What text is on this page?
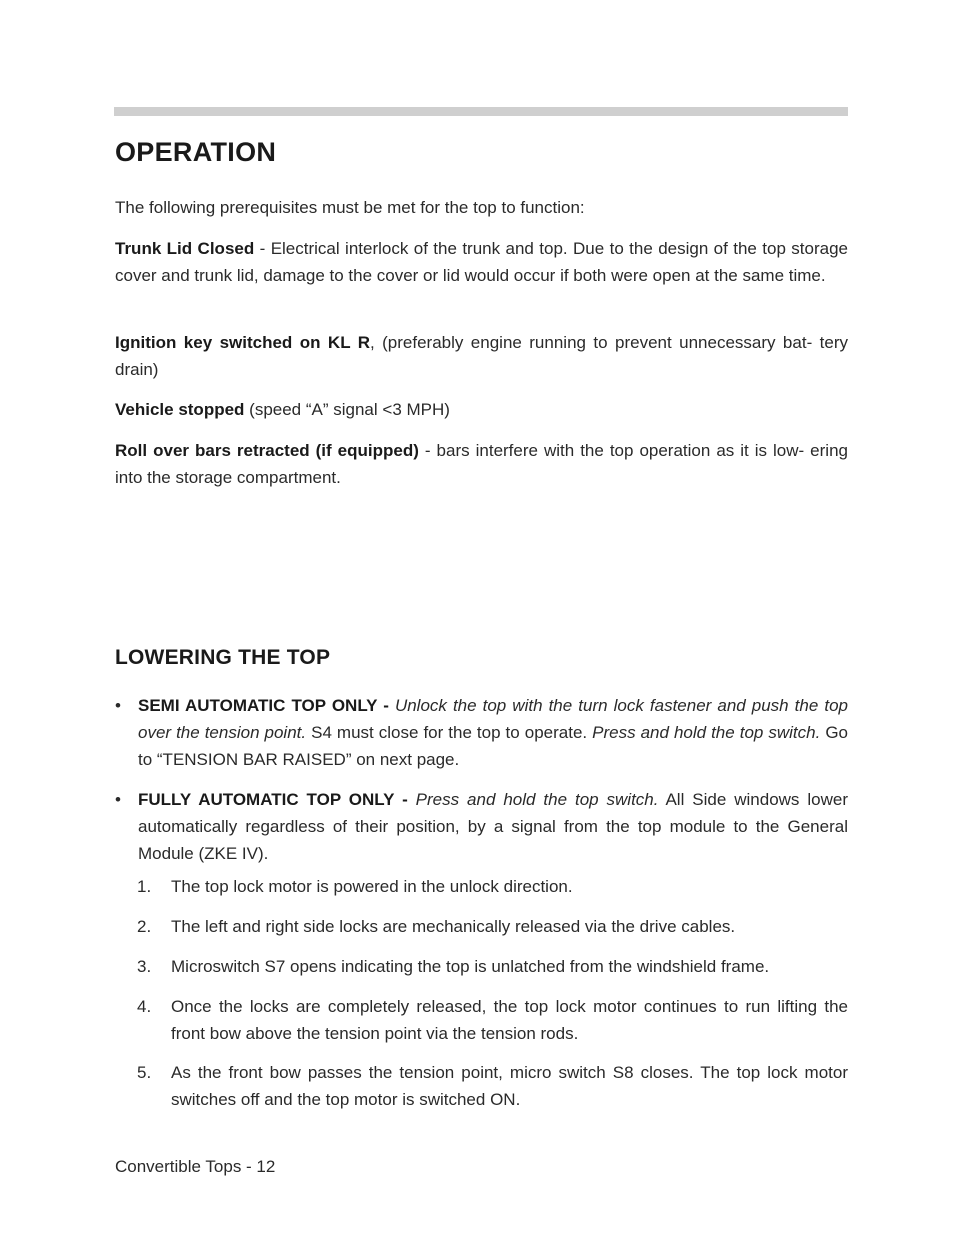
OPERATION
The following prerequisites must be met for the top to function:
Trunk Lid Closed - Electrical interlock of the trunk and top. Due to the design of the top storage cover and trunk lid, damage to the cover or lid would occur if both were open at the same time.
Ignition key switched on KL R, (preferably engine running to prevent unnecessary bat- tery drain)
Vehicle stopped (speed “A” signal <3 MPH)
Roll over bars retracted (if equipped) - bars interfere with the top operation as it is low- ering into the storage compartment.
LOWERING THE TOP
•	SEMI AUTOMATIC TOP ONLY - Unlock the top with the turn lock fastener and push the top over the tension point. S4 must close for the top to operate. Press and hold the top switch. Go to “TENSION BAR RAISED” on next page.
•	FULLY AUTOMATIC TOP ONLY - Press and hold the top switch. All Side windows lower automatically regardless of their position, by a signal from the top module to the General Module (ZKE IV).
1.	The top lock motor is powered in the unlock direction.
2.	The left and right side locks are mechanically released via the drive cables.
3.	Microswitch S7 opens indicating the top is unlatched from the windshield frame.
4.	Once the locks are completely released, the top lock motor continues to run lifting the front bow above the tension point via the tension rods.
5.	As the front bow passes the tension point, micro switch S8 closes. The top lock motor switches off and the top motor is switched ON.
Convertible Tops - 12
